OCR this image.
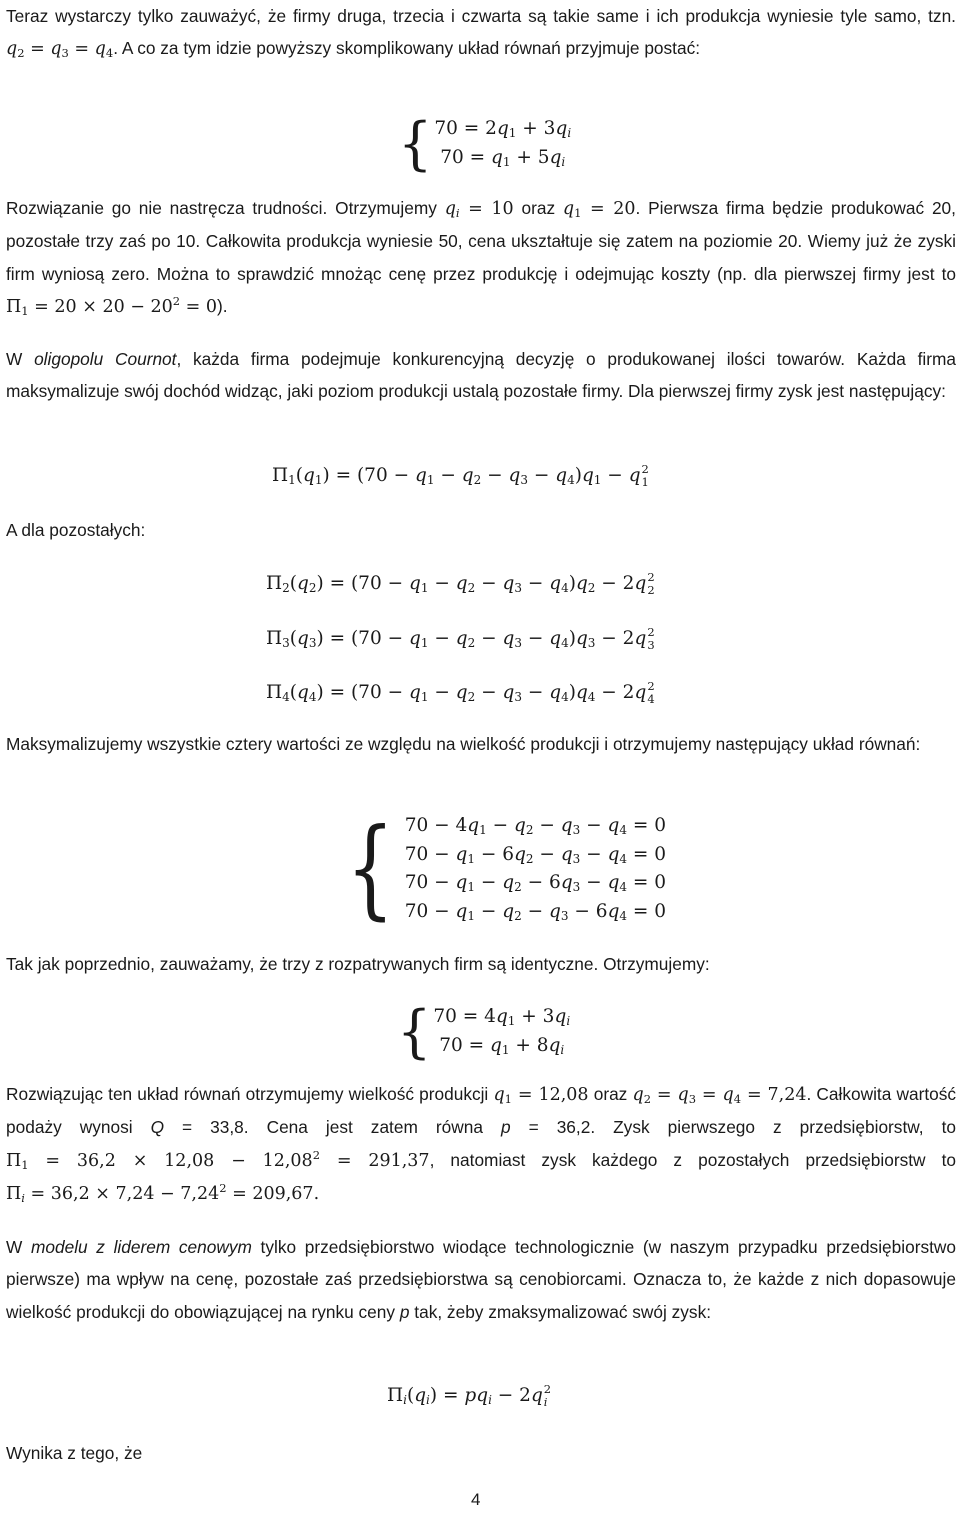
Teraz wystarczy tylko zauważyć, że firmy druga, trzecia i czwarta są takie same i ich produkcja wyniesie tyle samo, tzn. $q_2 = q_3 = q_4$. A co za tym idzie powyższy skomplikowany układ równań przyjmuje postać:

{ $70 = 2q_1 + 3q_i$
$70 = q_1 + 5q_i$

Rozwiązanie go nie nastręcza trudności. Otrzymujemy $q_i = 10$ oraz $q_1 = 20$. Pierwsza firma będzie produkować 20, pozostałe trzy zaś po 10. Całkowita produkcja wyniesie 50, cena ukształtuje się zatem na poziomie 20. Wiemy już że zyski firm wyniosą zero. Można to sprawdzić mnożąc cenę przez produkcję i odejmując koszty (np. dla pierwszej firmy jest to $\Pi_1 = 20 \times 20 - 20^2 = 0$).

W oligopolu Cournot, każda firma podejmuje konkurencyjną decyzję o produkowanej ilości towarów. Każda firma maksymalizuje swój dochód widząc, jaki poziom produkcji ustalą pozostałe firmy. Dla pierwszej firmy zysk jest następujący:

$\Pi_1(q_1) = (70 - q_1 - q_2 - q_3 - q_4)q_1 - q$ 2
1
A dla pozostałych:
$\Pi_2(q_2) = (70 - q_1 - q_2 - q_3 - q_4)q_2 - 2q$ 2
2
$\Pi_3(q_3) = (70 - q_1 - q_2 - q_3 - q_4)q_3 - 2q$ 2
3
$\Pi_4(q_4) = (70 - q_1 - q_2 - q_3 - q_4)q_4 - 2q$ 2
4

Maksymalizujemy wszystkie cztery wartości ze względu na wielkość produkcji i otrzymujemy następujący układ równań:

{ $70 - 4q_1 - q_2 - q_3 - q_4 = 0$
$70 - q_1 - 6q_2 - q_3 - q_4 = 0$
$70 - q_1 - q_2 - 6q_3 - q_4 = 0$
$70 - q_1 - q_2 - q_3 - 6q_4 = 0$

Tak jak poprzednio, zauważamy, że trzy z rozpatrywanych firm są identyczne. Otrzymujemy:

{ $70 = 4q_1 + 3q_i$
$70 = q_1 + 8q_i$

Rozwiązując ten układ równań otrzymujemy wielkość produkcji $q_1 = 12,08$ oraz $q_2 = q_3 = q_4 = 7,24$. Całkowita wartość podaży wynosi Q = 33,8. Cena jest zatem równa p = 36,2. Zysk pierwszego z przedsiębiorstw, to $\Pi_1 = 36,2 \times 12,08 - 12,08^2 = 291,37$, natomiast zysk każdego z pozostałych przedsiębiorstw to $\Pi_i = 36,2 \times 7,24 - 7,24^2 = 209,67$.

W modelu z liderem cenowym tylko przedsiębiorstwo wiodące technologicznie (w naszym przypadku przedsiębiorstwo pierwsze) ma wpływ na cenę, pozostałe zaś przedsiębiorstwa są cenobiorcami. Oznacza to, że każde z nich dopasowuje wielkość produkcji do obowiązującej na rynku ceny p tak, żeby zmaksymalizować swój zysk:

$\Pi_i(q_i) = pq_i - 2q$ 2
i
Wynika z tego, że
4
